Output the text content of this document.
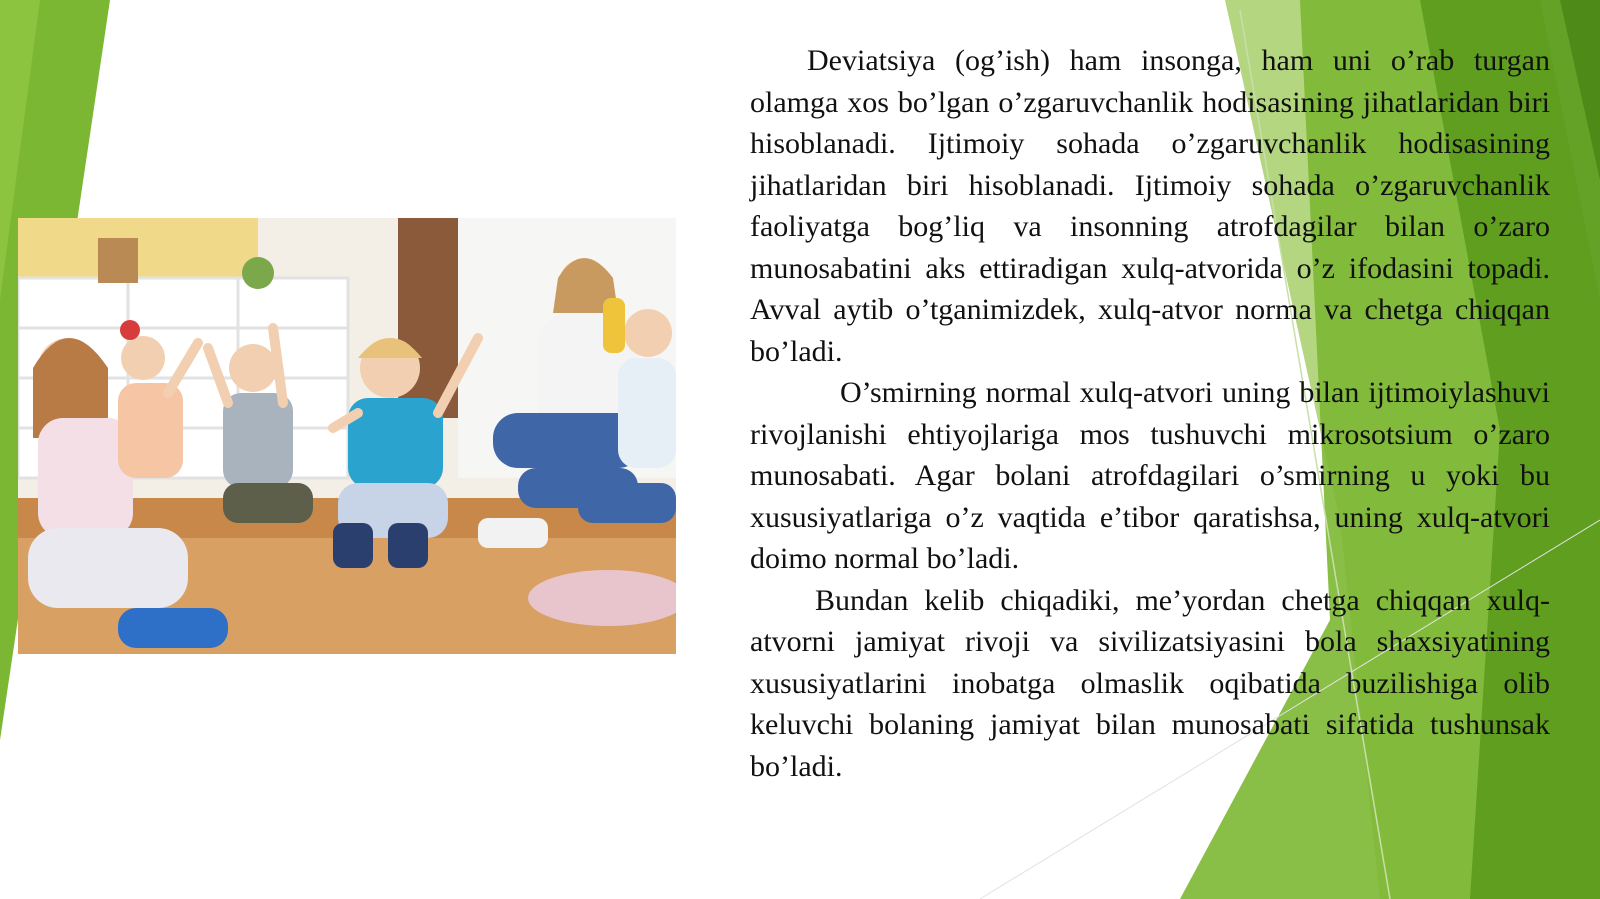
Deviatsiya (og’ish) ham insonga, ham uni o’rab turgan olamga xos bo’lgan o’zgaruvchanlik hodisasining jihatlaridan biri hisoblanadi. Ijtimoiy sohada o’zgaruvchanlik hodisasining jihatlaridan biri hisoblanadi. Ijtimoiy sohada o’zgaruvchanlik faoliyatga bog’liq va insonning atrofdagilar bilan o’zaro munosabatini aks ettiradigan xulq-atvorida o’z ifodasini topadi. Avval aytib o’tganimizdek, xulq-atvor norma va chetga chiqqan bo’ladi.

O’smirning normal xulq-atvori uning bilan ijtimoiylashuvi rivojlanishi ehtiyojlariga mos tushuvchi mikrosotsium o’zaro munosabati. Agar bolani atrofdagilari o’smirning u yoki bu xususiyatlariga o’z vaqtida e’tibor qaratishsa, uning xulq-atvori doimo normal bo’ladi.

Bundan kelib chiqadiki, me’yordan chetga chiqqan xulq-atvorni jamiyat rivoji va sivilizatsiyasini bola shaxsiyatining xususiyatlarini inobatga olmaslik oqibatida buzilishiga olib keluvchi bolaning jamiyat bilan munosabati sifatida tushunsak bo’ladi.
